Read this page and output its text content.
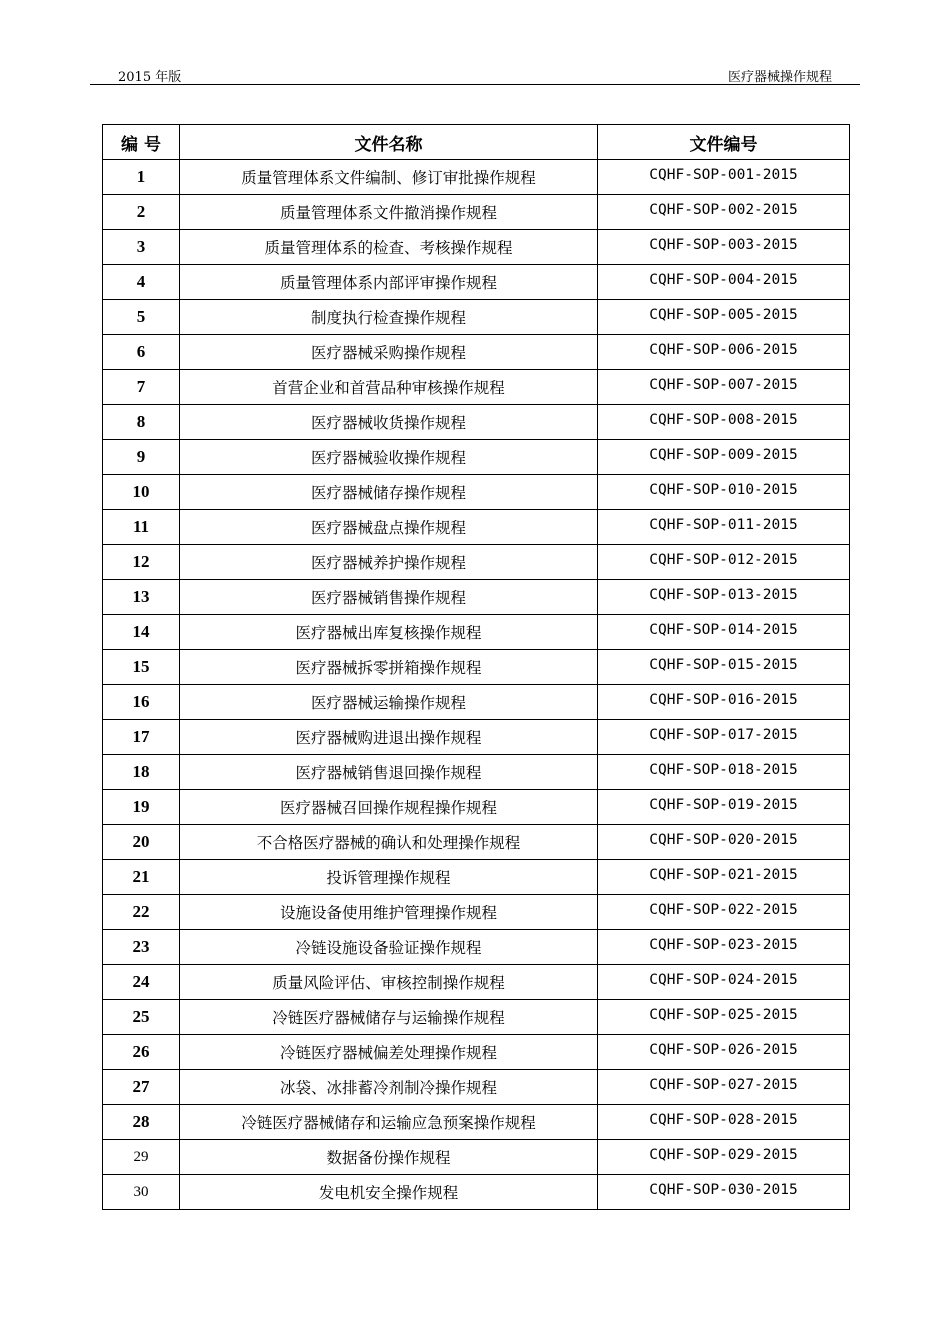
2015 年版	医疗器械操作规程
编 号	文件名称	文件编号
1	质量管理体系文件编制、修订审批操作规程	CQHF-SOP-001-2015
2	质量管理体系文件撤消操作规程	CQHF-SOP-002-2015
3	质量管理体系的检查、考核操作规程	CQHF-SOP-003-2015
4	质量管理体系内部评审操作规程	CQHF-SOP-004-2015
5	制度执行检查操作规程	CQHF-SOP-005-2015
6	医疗器械采购操作规程	CQHF-SOP-006-2015
7	首营企业和首营品种审核操作规程	CQHF-SOP-007-2015
8	医疗器械收货操作规程	CQHF-SOP-008-2015
9	医疗器械验收操作规程	CQHF-SOP-009-2015
10	医疗器械储存操作规程	CQHF-SOP-010-2015
11	医疗器械盘点操作规程	CQHF-SOP-011-2015
12	医疗器械养护操作规程	CQHF-SOP-012-2015
13	医疗器械销售操作规程	CQHF-SOP-013-2015
14	医疗器械出库复核操作规程	CQHF-SOP-014-2015
15	医疗器械拆零拼箱操作规程	CQHF-SOP-015-2015
16	医疗器械运输操作规程	CQHF-SOP-016-2015
17	医疗器械购进退出操作规程	CQHF-SOP-017-2015
18	医疗器械销售退回操作规程	CQHF-SOP-018-2015
19	医疗器械召回操作规程操作规程	CQHF-SOP-019-2015
20	不合格医疗器械的确认和处理操作规程	CQHF-SOP-020-2015
21	投诉管理操作规程	CQHF-SOP-021-2015
22	设施设备使用维护管理操作规程	CQHF-SOP-022-2015
23	冷链设施设备验证操作规程	CQHF-SOP-023-2015
24	质量风险评估、审核控制操作规程	CQHF-SOP-024-2015
25	冷链医疗器械储存与运输操作规程	CQHF-SOP-025-2015
26	冷链医疗器械偏差处理操作规程	CQHF-SOP-026-2015
27	冰袋、冰排蓄冷剂制冷操作规程	CQHF-SOP-027-2015
28	冷链医疗器械储存和运输应急预案操作规程	CQHF-SOP-028-2015
29	数据备份操作规程	CQHF-SOP-029-2015
30	发电机安全操作规程	CQHF-SOP-030-2015
